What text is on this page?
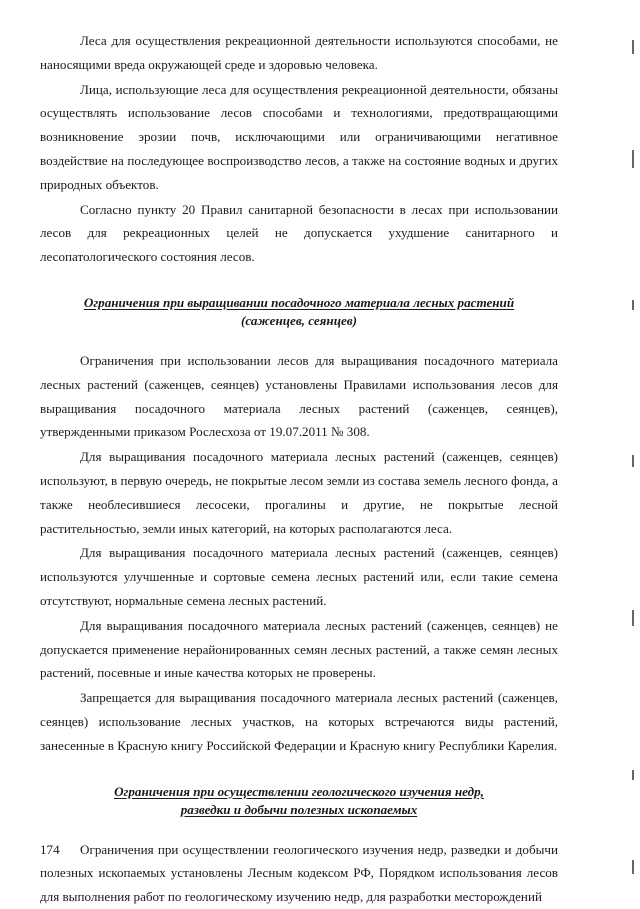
Леса для осуществления рекреационной деятельности используются способами, не наносящими вреда окружающей среде и здоровью человека.

Лица, использующие леса для осуществления рекреационной деятельности, обязаны осуществлять использование лесов способами и технологиями, предотвращающими возникновение эрозии почв, исключающими или ограничивающими негативное воздействие на последующее воспроизводство лесов, а также на состояние водных и других природных объектов.

Согласно пункту 20 Правил санитарной безопасности в лесах при использовании лесов для рекреационных целей не допускается ухудшение санитарного и лесопатологического состояния лесов.

Ограничения при выращивании посадочного материала лесных растений
(саженцев, сеянцев)

Ограничения при использовании лесов для выращивания посадочного материала лесных растений (саженцев, сеянцев) установлены Правилами использования лесов для выращивания посадочного материала лесных растений (саженцев, сеянцев), утвержденными приказом Рослесхоза от 19.07.2011 № 308.

Для выращивания посадочного материала лесных растений (саженцев, сеянцев) используют, в первую очередь, не покрытые лесом земли из состава земель лесного фонда, а также необлесившиеся лесосеки, прогалины и другие, не покрытые лесной растительностью, земли иных категорий, на которых располагаются леса.

Для выращивания посадочного материала лесных растений (саженцев, сеянцев) используются улучшенные и сортовые семена лесных растений или, если такие семена отсутствуют, нормальные семена лесных растений.

Для выращивания посадочного материала лесных растений (саженцев, сеянцев) не допускается применение нерайонированных семян лесных растений, а также семян лесных растений, посевные и иные качества которых не проверены.

Запрещается для выращивания посадочного материала лесных растений (саженцев, сеянцев) использование лесных участков, на которых встречаются виды растений, занесенные в Красную книгу Российской Федерации и Красную книгу Республики Карелия.

Ограничения при осуществлении геологического изучения недр,
разведки и добычи полезных ископаемых

Ограничения при осуществлении геологического изучения недр, разведки и добычи полезных ископаемых установлены Лесным кодексом РФ, Порядком использования лесов для выполнения работ по геологическому изучению недр, для разработки месторождений

174
